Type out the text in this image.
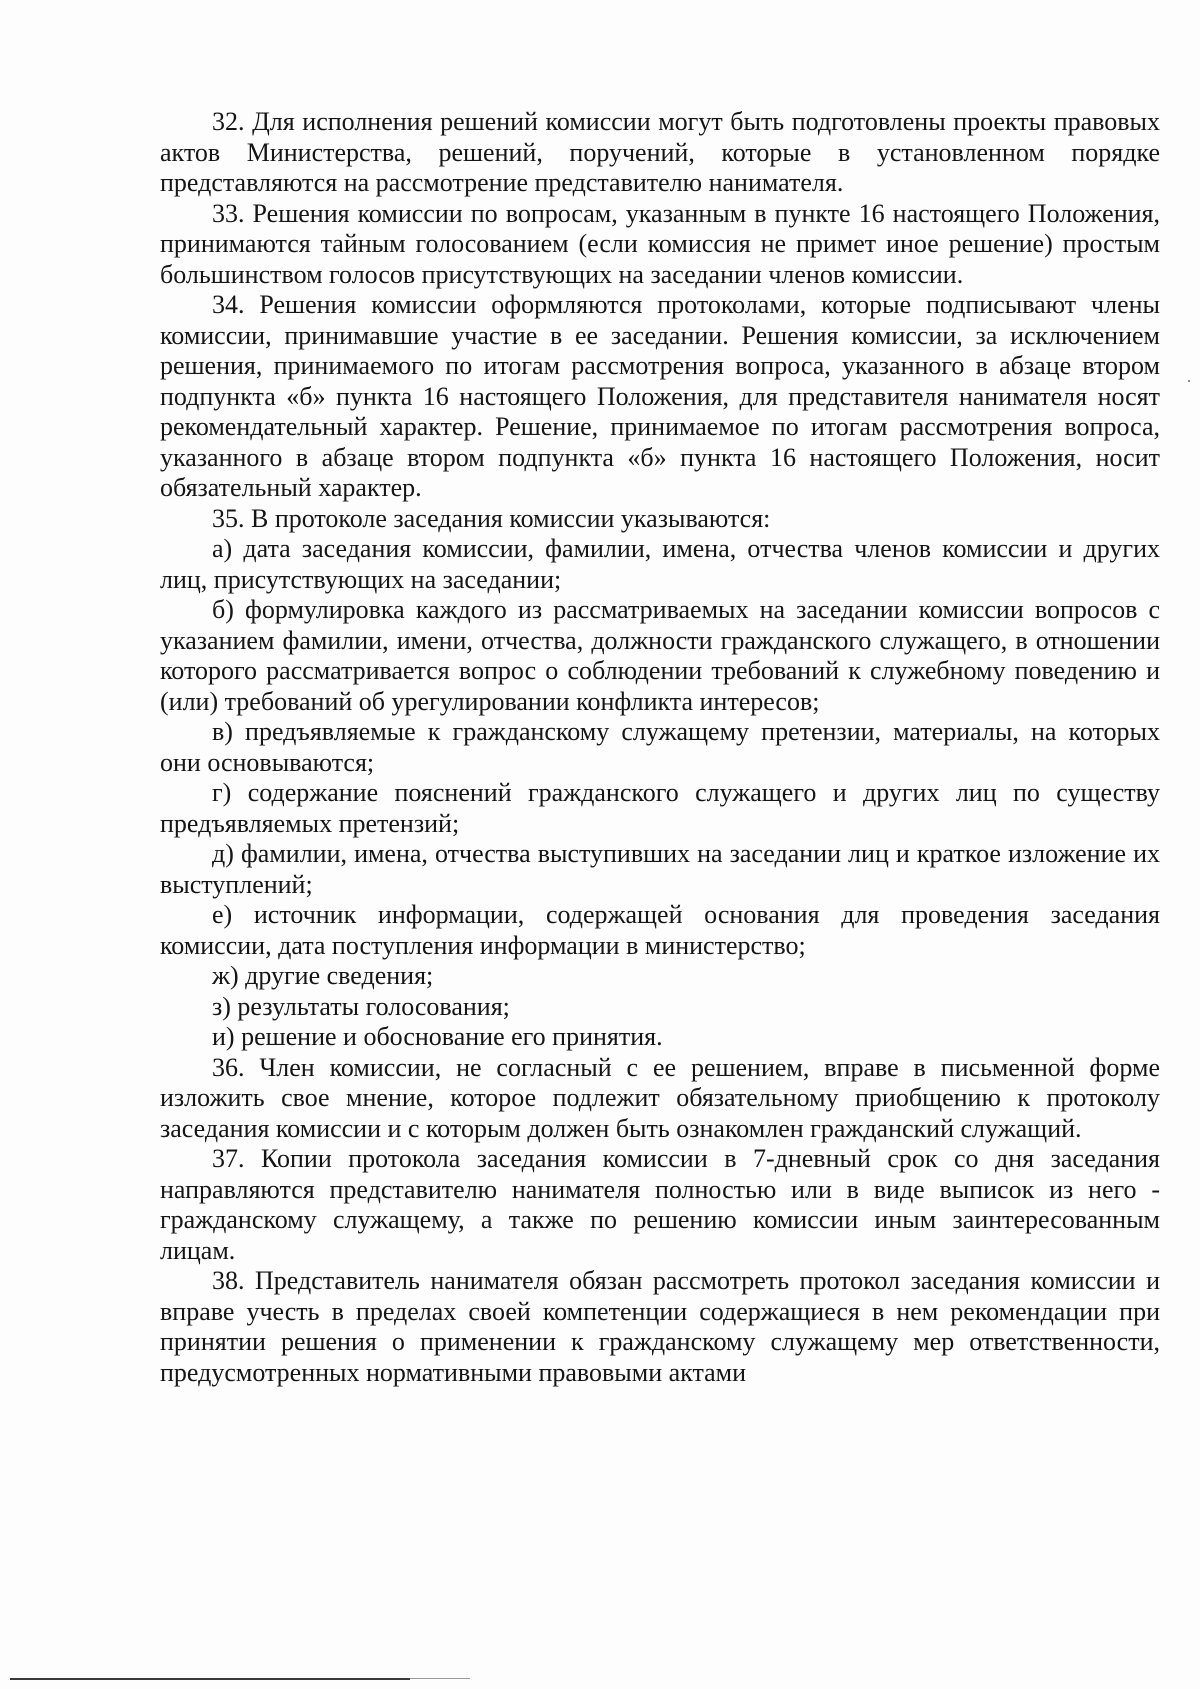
32. Для исполнения решений комиссии могут быть подготовлены проекты правовых актов Министерства, решений, поручений, которые в установленном порядке представляются на рассмотрение представителю нанимателя.

33. Решения комиссии по вопросам, указанным в пункте 16 настоящего Положения, принимаются тайным голосованием (если комиссия не примет иное решение) простым большинством голосов присутствующих на заседании членов комиссии.

34. Решения комиссии оформляются протоколами, которые подписывают члены комиссии, принимавшие участие в ее заседании. Решения комиссии, за исключением решения, принимаемого по итогам рассмотрения вопроса, указанного в абзаце втором подпункта «б» пункта 16 настоящего Положения, для представителя нанимателя носят рекомендательный характер. Решение, принимаемое по итогам рассмотрения вопроса, указанного в абзаце втором подпункта «б» пункта 16 настоящего Положения, носит обязательный характер.

35. В протоколе заседания комиссии указываются:

а) дата заседания комиссии, фамилии, имена, отчества членов комиссии и других лиц, присутствующих на заседании;

б) формулировка каждого из рассматриваемых на заседании комиссии вопросов с указанием фамилии, имени, отчества, должности гражданского служащего, в отношении которого рассматривается вопрос о соблюдении требований к служебному поведению и (или) требований об урегулировании конфликта интересов;

в) предъявляемые к гражданскому служащему претензии, материалы, на которых они основываются;

г) содержание пояснений гражданского служащего и других лиц по существу предъявляемых претензий;

д) фамилии, имена, отчества выступивших на заседании лиц и краткое изложение их выступлений;

е) источник информации, содержащей основания для проведения заседания комиссии, дата поступления информации в министерство;

ж) другие сведения;

з) результаты голосования;

и) решение и обоснование его принятия.

36. Член комиссии, не согласный с ее решением, вправе в письменной форме изложить свое мнение, которое подлежит обязательному приобщению к протоколу заседания комиссии и с которым должен быть ознакомлен гражданский служащий.

37. Копии протокола заседания комиссии в 7-дневный срок со дня заседания направляются представителю нанимателя полностью или в виде выписок из него - гражданскому служащему, а также по решению комиссии иным заинтересованным лицам.

38. Представитель нанимателя обязан рассмотреть протокол заседания комиссии и вправе учесть в пределах своей компетенции содержащиеся в нем рекомендации при принятии решения о применении к гражданскому служащему мер ответственности, предусмотренных нормативными правовыми актами
